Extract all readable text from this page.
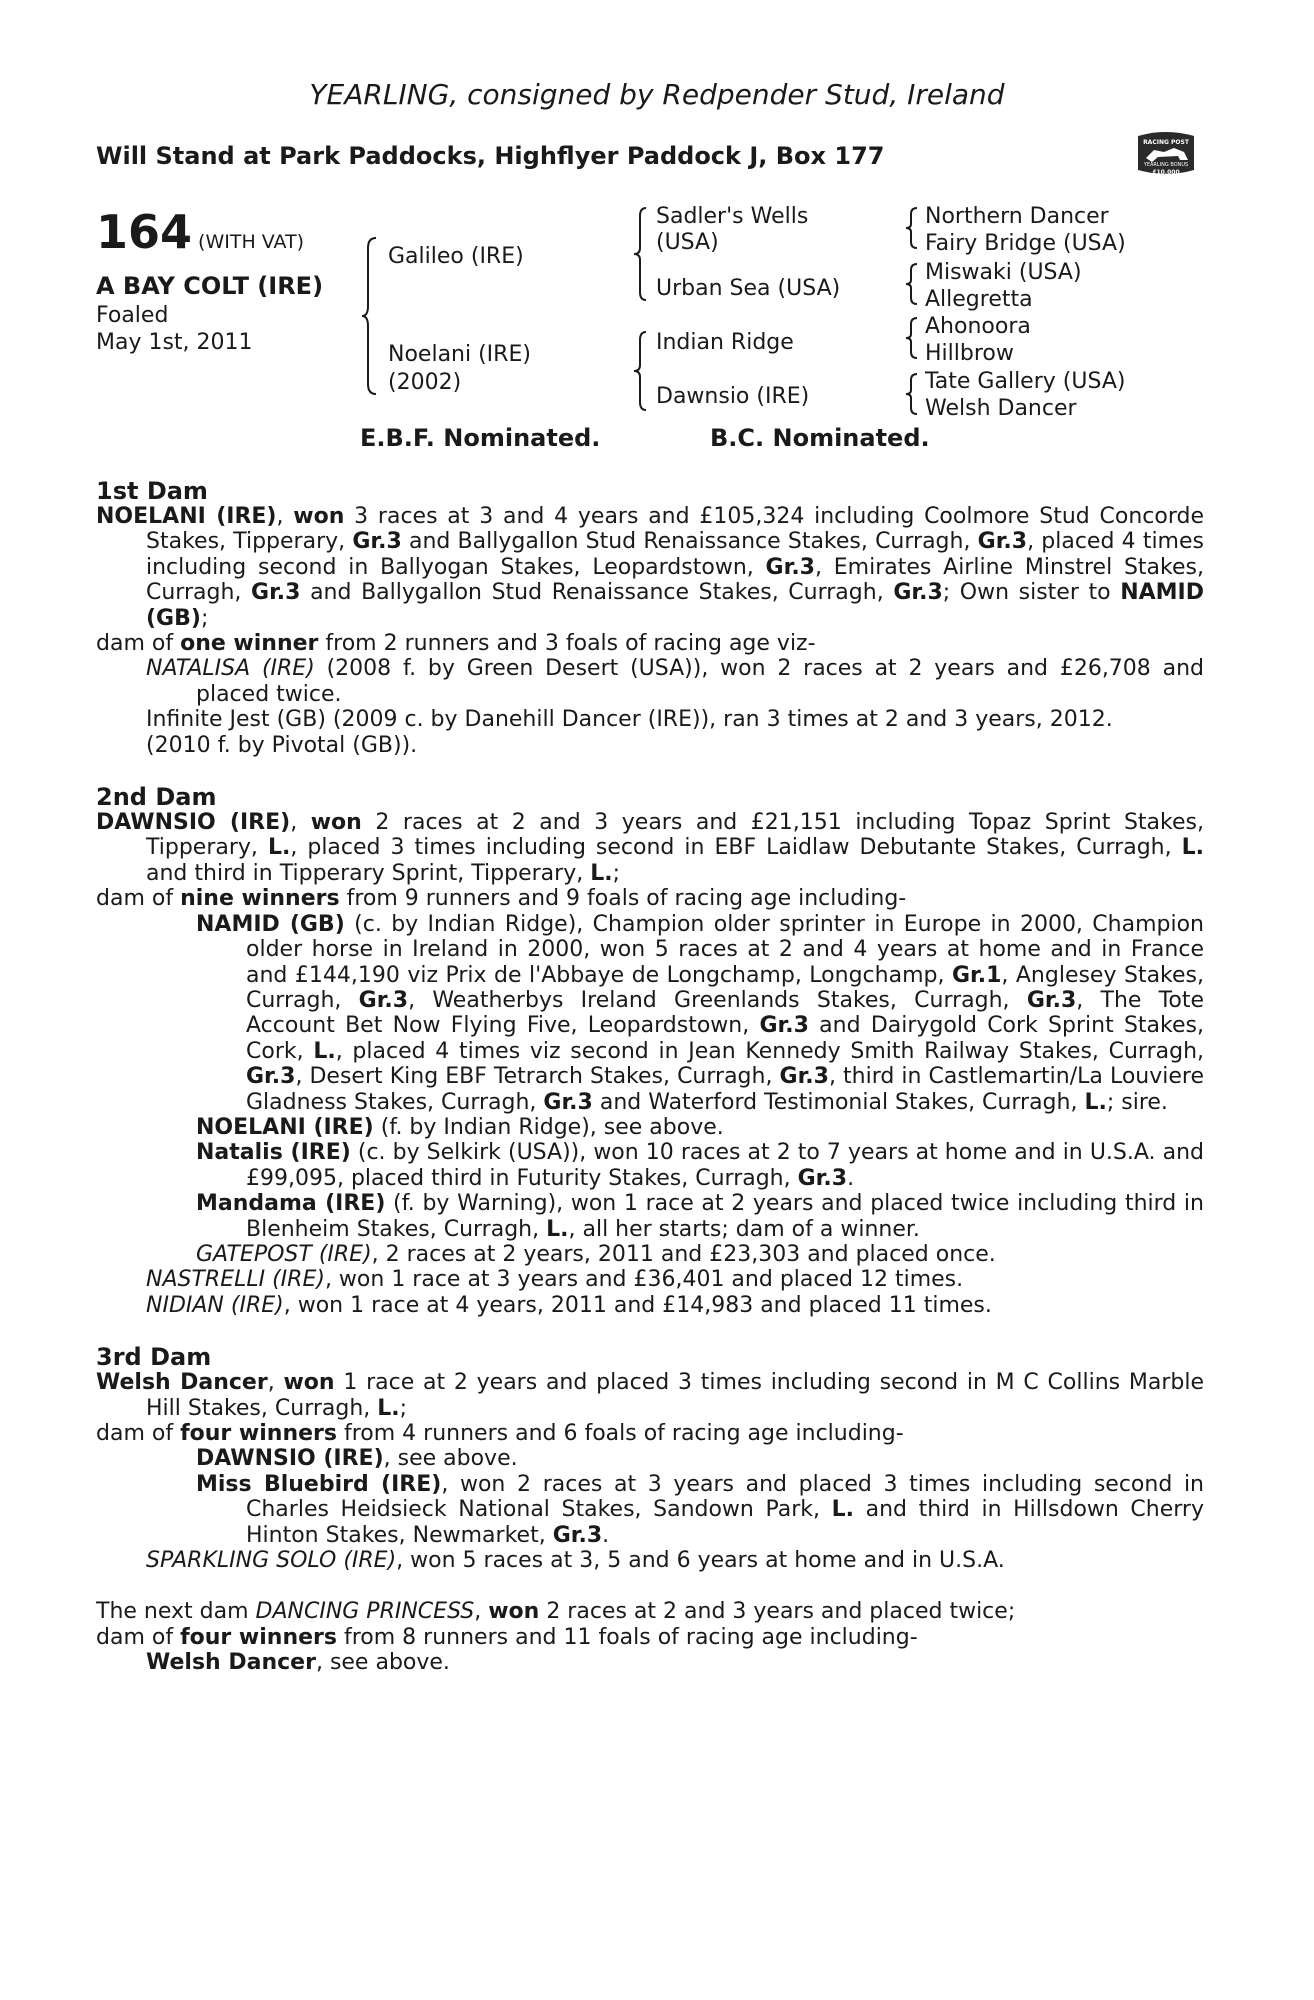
YEARLING, consigned by Redpender Stud, Ireland
Will Stand at Park Paddocks, Highflyer Paddock J, Box 177	RACING POST
YEARLING BONUS
£10,000
164 (WITH VAT)
A BAY COLT (IRE)
Foaled
May 1st, 2011
Galileo (IRE)
Noelani (IRE)
(2002)
Sadler's Wells
(USA)
Urban Sea (USA)
Indian Ridge
Dawnsio (IRE)
Northern Dancer
Fairy Bridge (USA)
Miswaki (USA)
Allegretta
Ahonoora
Hillbrow
Tate Gallery (USA)
Welsh Dancer
E.B.F. Nominated.	B.C. Nominated.
1st Dam
NOELANI (IRE), won 3 races at 3 and 4 years and £105,324 including Coolmore Stud Concorde Stakes, Tipperary, Gr.3 and Ballygallon Stud Renaissance Stakes, Curragh, Gr.3, placed 4 times including second in Ballyogan Stakes, Leopardstown, Gr.3, Emirates Airline Minstrel Stakes, Curragh, Gr.3 and Ballygallon Stud Renaissance Stakes, Curragh, Gr.3; Own sister to NAMID (GB);
dam of one winner from 2 runners and 3 foals of racing age viz-
NATALISA (IRE) (2008 f. by Green Desert (USA)), won 2 races at 2 years and £26,708 and placed twice.
Infinite Jest (GB) (2009 c. by Danehill Dancer (IRE)), ran 3 times at 2 and 3 years, 2012.
(2010 f. by Pivotal (GB)).
2nd Dam
DAWNSIO (IRE), won 2 races at 2 and 3 years and £21,151 including Topaz Sprint Stakes, Tipperary, L., placed 3 times including second in EBF Laidlaw Debutante Stakes, Curragh, L. and third in Tipperary Sprint, Tipperary, L.;
dam of nine winners from 9 runners and 9 foals of racing age including-
NAMID (GB) (c. by Indian Ridge), Champion older sprinter in Europe in 2000, Champion older horse in Ireland in 2000, won 5 races at 2 and 4 years at home and in France and £144,190 viz Prix de l'Abbaye de Longchamp, Longchamp, Gr.1, Anglesey Stakes, Curragh, Gr.3, Weatherbys Ireland Greenlands Stakes, Curragh, Gr.3, The Tote Account Bet Now Flying Five, Leopardstown, Gr.3 and Dairygold Cork Sprint Stakes, Cork, L., placed 4 times viz second in Jean Kennedy Smith Railway Stakes, Curragh, Gr.3, Desert King EBF Tetrarch Stakes, Curragh, Gr.3, third in Castlemartin/La Louviere Gladness Stakes, Curragh, Gr.3 and Waterford Testimonial Stakes, Curragh, L.; sire.
NOELANI (IRE) (f. by Indian Ridge), see above.
Natalis (IRE) (c. by Selkirk (USA)), won 10 races at 2 to 7 years at home and in U.S.A. and £99,095, placed third in Futurity Stakes, Curragh, Gr.3.
Mandama (IRE) (f. by Warning), won 1 race at 2 years and placed twice including third in Blenheim Stakes, Curragh, L., all her starts; dam of a winner.
GATEPOST (IRE), 2 races at 2 years, 2011 and £23,303 and placed once.
NASTRELLI (IRE), won 1 race at 3 years and £36,401 and placed 12 times.
NIDIAN (IRE), won 1 race at 4 years, 2011 and £14,983 and placed 11 times.
3rd Dam
Welsh Dancer, won 1 race at 2 years and placed 3 times including second in M C Collins Marble Hill Stakes, Curragh, L.;
dam of four winners from 4 runners and 6 foals of racing age including-
DAWNSIO (IRE), see above.
Miss Bluebird (IRE), won 2 races at 3 years and placed 3 times including second in Charles Heidsieck National Stakes, Sandown Park, L. and third in Hillsdown Cherry Hinton Stakes, Newmarket, Gr.3.
SPARKLING SOLO (IRE), won 5 races at 3, 5 and 6 years at home and in U.S.A.
The next dam DANCING PRINCESS, won 2 races at 2 and 3 years and placed twice;
dam of four winners from 8 runners and 11 foals of racing age including-
Welsh Dancer, see above.
